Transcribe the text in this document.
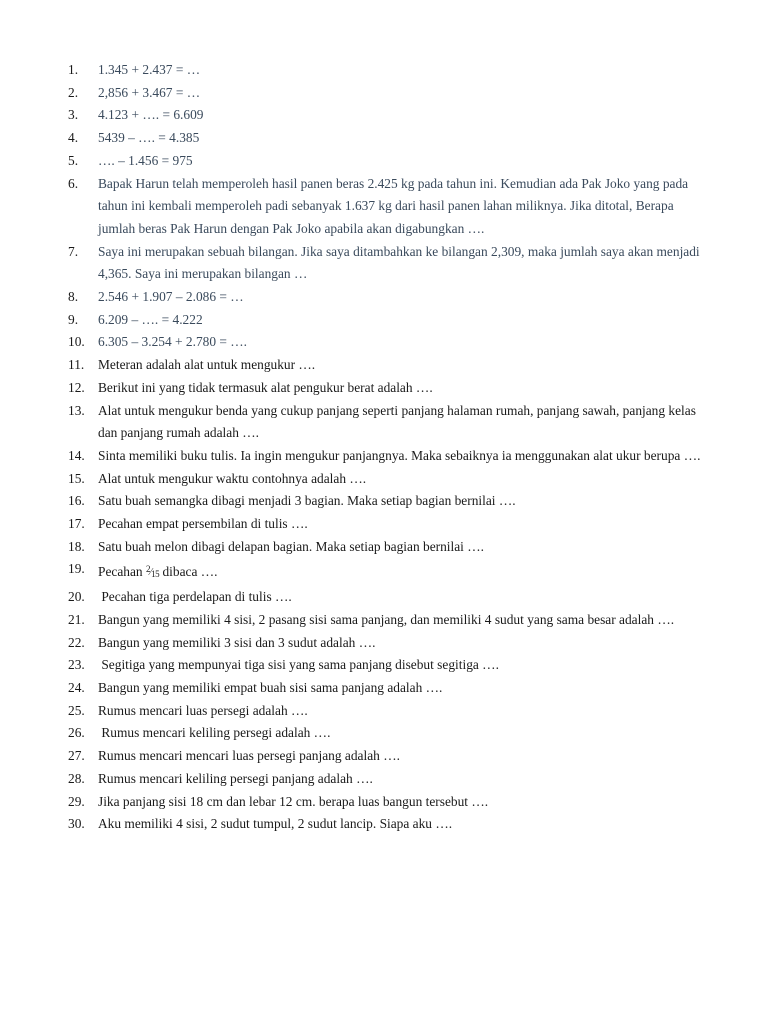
1.	1.345 + 2.437 = …
2.	2,856 + 3.467 = …
3.	4.123 + …. = 6.609
4.	5439 – …. = 4.385
5.	…. – 1.456 = 975
6.	Bapak Harun telah memperoleh hasil panen beras 2.425 kg pada tahun ini. Kemudian ada Pak Joko yang pada tahun ini kembali memperoleh padi sebanyak 1.637 kg dari hasil panen lahan miliknya. Jika ditotal, Berapa jumlah beras Pak Harun dengan Pak Joko apabila akan digabungkan ….
7.	Saya ini merupakan sebuah bilangan. Jika saya ditambahkan ke bilangan 2,309, maka jumlah saya akan menjadi 4,365. Saya ini merupakan bilangan …
8.	2.546 + 1.907 – 2.086 = …
9.	6.209 – …. = 4.222
10. 6.305 – 3.254 + 2.780 = ….
11.	Meteran adalah alat untuk mengukur ….
12. Berikut ini yang tidak termasuk alat pengukur berat adalah ….
13. Alat untuk mengukur benda yang cukup panjang seperti panjang halaman rumah, panjang sawah, panjang kelas dan panjang rumah adalah ….
14. Sinta memiliki buku tulis. Ia ingin mengukur panjangnya. Maka sebaiknya ia menggunakan alat ukur berupa ….
15. Alat untuk mengukur waktu contohnya adalah ….
16. Satu buah semangka dibagi menjadi 3 bagian. Maka setiap bagian bernilai ….
17. Pecahan empat persembilan di tulis ….
18. Satu buah melon dibagi delapan bagian. Maka setiap bagian bernilai ….
19. Pecahan $^2⁄_{15}$ dibaca ….
20. Pecahan tiga perdelapan di tulis ….
21. Bangun yang memiliki 4 sisi, 2 pasang sisi sama panjang, dan memiliki 4 sudut yang sama besar adalah ….
22. Bangun yang memiliki 3 sisi dan 3 sudut adalah ….
23. Segitiga yang mempunyai tiga sisi yang sama panjang disebut segitiga ….
24. Bangun yang memiliki empat buah sisi sama panjang adalah ….
25. Rumus mencari luas persegi adalah ….
26. Rumus mencari keliling persegi adalah ….
27. Rumus mencari mencari luas persegi panjang adalah ….
28. Rumus mencari keliling persegi panjang adalah ….
29. Jika panjang sisi 18 cm dan lebar 12 cm. berapa luas bangun tersebut ….
30. Aku memiliki 4 sisi, 2 sudut tumpul, 2 sudut lancip. Siapa aku ….
